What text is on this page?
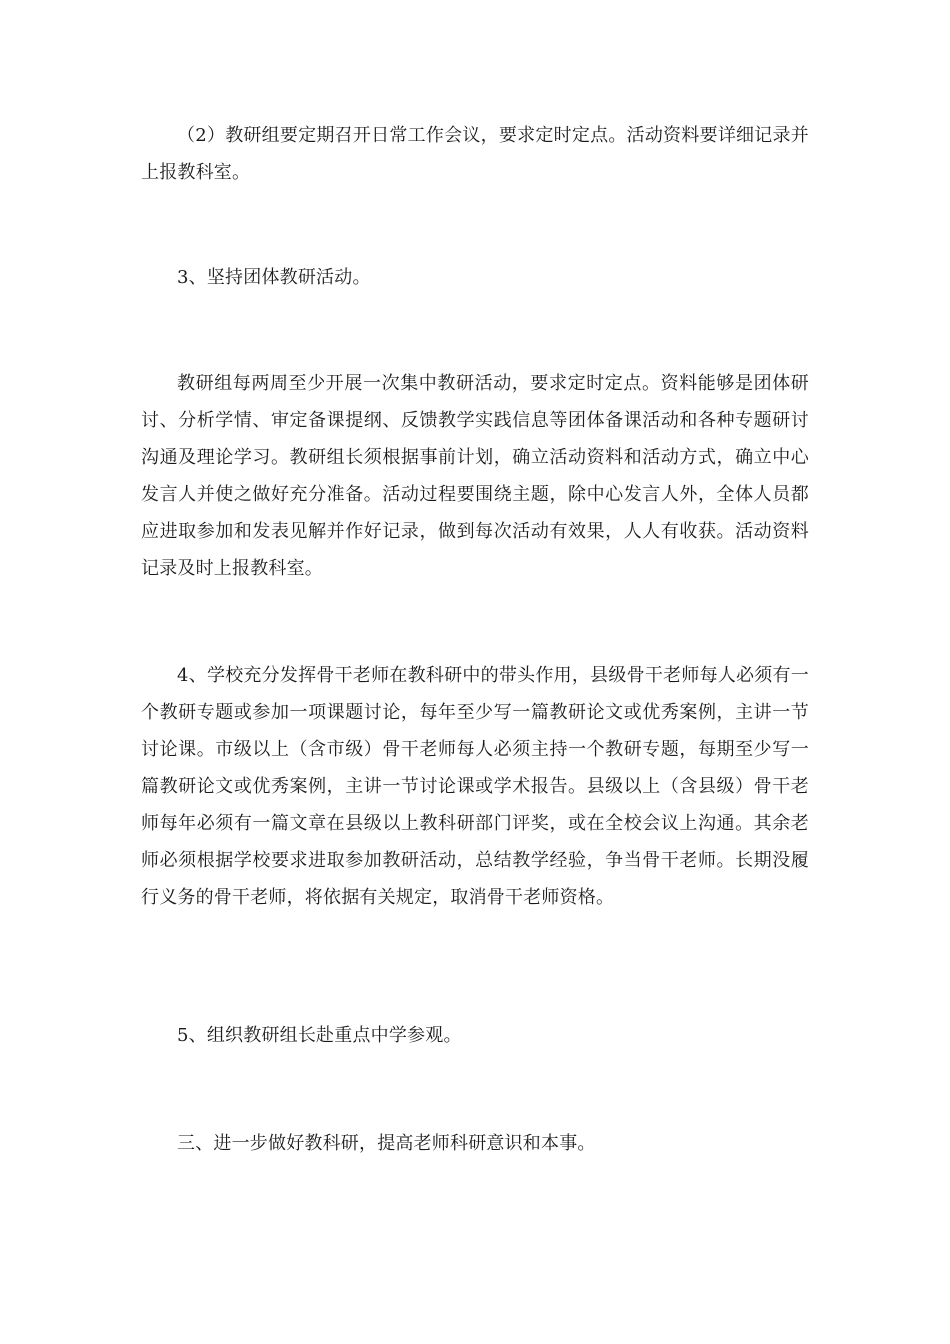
（2）教研组要定期召开日常工作会议，要求定时定点。活动资料要详细记录并上报教科室。

3、坚持团体教研活动。

教研组每两周至少开展一次集中教研活动，要求定时定点。资料能够是团体研讨、分析学情、审定备课提纲、反馈教学实践信息等团体备课活动和各种专题研讨沟通及理论学习。教研组长须根据事前计划，确立活动资料和活动方式，确立中心发言人并使之做好充分准备。活动过程要围绕主题，除中心发言人外，全体人员都应进取参加和发表见解并作好记录，做到每次活动有效果，人人有收获。活动资料记录及时上报教科室。

4、学校充分发挥骨干老师在教科研中的带头作用，县级骨干老师每人必须有一个教研专题或参加一项课题讨论，每年至少写一篇教研论文或优秀案例，主讲一节讨论课。市级以上（含市级）骨干老师每人必须主持一个教研专题，每期至少写一篇教研论文或优秀案例，主讲一节讨论课或学术报告。县级以上（含县级）骨干老师每年必须有一篇文章在县级以上教科研部门评奖，或在全校会议上沟通。其余老师必须根据学校要求进取参加教研活动，总结教学经验，争当骨干老师。长期没履行义务的骨干老师，将依据有关规定，取消骨干老师资格。

5、组织教研组长赴重点中学参观。

三、进一步做好教科研，提高老师科研意识和本事。
